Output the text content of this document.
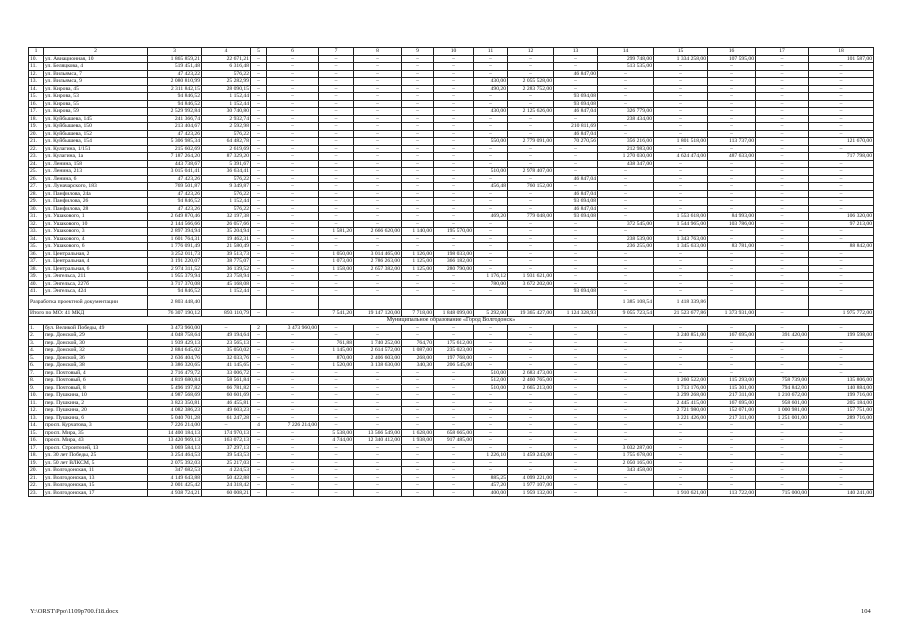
1	2	3	4	5	6	7	8	9	10	11	12	13	14	15	16	17	18
10.	ул. Авиационная, 10	1 865 859,21	22 671,21	–	–	–	–	–	–	–	–	–	299 748,00	1 334 258,00	107 595,00	–	101 587,00
11.	ул. Беляцкова, 4	519 451,48	6 316,48	–	–	–	–	–	–	–	–	–	513 535,00	–	–	–	–
12.	ул. Вильямса, 7	47 423,22	576,22	–	–	–	–	–	–	–	–	46 847,00	–	–	–	–	–
13.	ул. Вильямса, 9	2 080 810,99	25 282,99	–	–	–	–	–	–	430,00	2 055 528,00	–	–	–	–	–	–
14.	ул. Кирова, 45	2 311 842,15	28 090,15	–	–	–	–	–	–	490,20	2 283 752,00	–	–	–	–	–	–
15.	ул. Кирова, 53	94 846,52	1 152,44	–	–	–	–	–	–	–	–	93 694,08	–	–	–	–	–
16.	ул. Кирова, 55	94 846,52	1 152,44	–	–	–	–	–	–	–	–	93 694,08	–	–	–	–	–
17.	ул. Кирова, 59	2 529 992,84	30 740,80	–	–	–	–	–	–	430,00	2 125 626,00	46 847,04	326 779,00	–	–	–	–
18.	ул. Куйбышева, 145	241 366,74	2 932,74	–	–	–	–	–	–	–	–	–	238 434,00	–	–	–	–
19.	ул. Куйбышева, 150	213 404,67	2 592,98	–	–	–	–	–	–	–	–	210 811,69	–	–	–	–	–
20.	ул. Куйбышева, 152	47 423,26	576,22	–	–	–	–	–	–	–	–	46 847,04	–	–	–	–	–
21.	ул. Куйбышева, 154	5 306 985,34	64 482,78	–	–	–	–	–	–	550,00	2 779 091,00	70 270,56	356 216,00	1 801 518,00	113 737,00	–	121 670,00
22.	ул. Кулагина, 1/151	215 602,69	2 619,69	–	–	–	–	–	–	–	–	–	212 983,00	–	–	–	–
23.	ул. Кулагина, 1а	7 187 264,20	87 329,20	–	–	–	–	–	–	–	–	–	1 270 030,00	4 624 474,00	487 633,00	–	717 798,00
24.	ул. Ленина, 158	443 738,67	5 391,67	–	–	–	–	–	–	–	–	–	438 347,00	–	–	–	–
25.	ул. Ленина, 213	3 015 041,41	36 634,41	–	–	–	–	–	–	510,00	2 978 407,00	–	–	–	–	–	–
26.	ул. Ленина, 6	47 423,26	576,22	–	–	–	–	–	–	–	–	46 847,04	–	–	–	–	–
27.	ул. Луначарского, 183	769 501,87	9 349,87	–	–	–	–	–	–	456,48	760 152,00	–	–	–	–	–	–
28.	ул. Панфилова, 24а	47 423,26	576,22	–	–	–	–	–	–	–	–	46 847,04	–	–	–	–	–
29.	ул. Панфилова, 26	94 846,52	1 152,44	–	–	–	–	–	–	–	–	93 694,08	–	–	–	–	–
30.	ул. Панфилова, 28	47 423,26	576,22	–	–	–	–	–	–	–	–	46 847,04	–	–	–	–	–
31.	ул. Ушакового, 1	2 649 870,46	32 197,38	–	–	–	–	–	–	469,20	779 048,00	93 694,08	–	1 553 618,00	84 993,00	–	106 320,00
32.	ул. Ушакового, 10	2 144 566,66	26 057,66	–	–	–	–	–	–	–	–	–	372 545,00	1 544 965,00	103 786,00	–	97 213,00
33.	ул. Ушакового, 3	2 897 394,94	35 204,94	–	–	1 581,20	2 666 620,00	1 140,00	195 570,00	–	–	–	–	–	–	–	–
34.	ул. Ушакового, 4	1 601 764,31	19 462,31	–	–	–	–	–	–	–	–	–	238 539,00	1 343 763,00	–	–	–
35.	ул. Ушакового, 6	1 776 091,49	21 580,49	–	–	–	–	–	–	–	–	–	236 255,00	1 345 633,00	83 781,00	–	88 842,00
36.	ул. Центральная, 2	3 252 011,73	39 513,73	–	–	1 050,00	3 014 465,00	1 126,00	198 033,00	–	–	–	–	–	–	–	–
37.	ул. Центральная, 4	3 191 220,07	38 775,07	–	–	1 073,00	2 786 263,00	1 125,00	366 182,00	–	–	–	–	–	–	–	–
38.	ул. Центральная, 6	2 974 311,52	36 139,52	–	–	1 158,00	2 657 382,00	1 125,00	280 790,00	–	–	–	–	–	–	–	–
39.	ул. Энгельса, 211	1 955 379,94	23 758,94	–	–	–	–	–	–	1 176,12	1 931 621,00	–	–	–	–	–	–
40.	ул. Энгельса, 227б	3 717 370,08	45 168,08	–	–	–	–	–	–	780,00	3 672 202,00	–	–	–	–	–	–
41.	ул. Энгельса, 424	94 846,52	1 152,44	–	–	–	–	–	–	–	–	93 694,08	–	–	–	–	–
Разработка проектной документации		2 803 448,40											1 385 108,54	1 418 339,86			
Итого по МО: 41 МКД		76 307 190,12	893 110,79	–	–	7 541,20	19 147 120,00	7 718,00	1 848 099,00	5 292,00	19 365 427,00	1 124 328,93	9 055 723,54	21 523 677,86	1 373 931,00	–	1 975 772,00
Муниципальное образование «Город Волгодонск»																	
1.	бул. Великой Победы, 49	3 473 960,00	–	2	3 473 960,00	–	–	–	–	–	–	–	–	–	–	–	–
2.	пер. Донской, 29	4 048 758,64	49 194,64	–	–	–	–	–	–	–	–	–	–	3 240 851,00	167 695,00	391 420,00	199 598,00
3.	пер. Донской, 30	1 939 429,13	23 565,13	–	–	761,88	1 740 252,00	764,70	175 612,00	–	–	–	–	–	–	–	–
4.	пер. Донской, 32	2 884 645,02	35 050,02	–	–	1 145,00	2 614 572,00	1 087,00	235 023,00	–	–	–	–	–	–	–	–
5.	пер. Донской, 36	2 636 404,76	32 033,76	–	–	870,00	2 406 603,00	268,00	197 768,00	–	–	–	–	–	–	–	–
6.	пер. Донской, 38	3 386 320,65	41 145,65	–	–	1 520,00	3 138 630,00	340,30	206 545,00	–	–	–	–	–	–	–	–
7.	пер. Почтовый, 4	2 716 479,72	33 006,72	–	–	–	–	–	–	510,00	2 683 473,00	–	–	–	–	–	–
8.	пер. Почтовый, 6	4 819 680,84	58 561,84	–	–	–	–	–	–	512,00	2 460 765,00	–	–	1 260 522,00	115 293,00	758 739,00	135 806,00
9.	пер. Почтовый, 8	5 496 197,82	66 781,82	–	–	–	–	–	–	510,00	2 665 213,00	–	–	1 713 176,00	115 301,00	794 842,00	140 884,00
10.	пер. Пушкина, 10	4 987 568,69	60 601,69	–	–	–	–	–	–	–	–	–	–	3 299 268,00	217 311,00	1 210 672,00	199 716,00
11.	пер. Пушкина, 2	3 823 350,81	46 455,81	–	–	–	–	–	–	–	–	–	–	2 445 415,00	167 695,00	958 601,00	205 184,00
12.	пер. Пушкина, 20	4 082 386,23	49 603,23	–	–	–	–	–	–	–	–	–	–	2 721 980,00	152 071,00	1 000 981,00	157 751,00
13.	пер. Пушкина, 6	5 040 701,28	61 247,28	–	–	–	–	–	–	–	–	–	–	3 221 426,00	217 311,00	1 251 001,00	289 716,00
14.	просп. Курчатова, 3	7 226 214,00	–	4	7 226 214,00	–	–	–	–	–	–	–	–	–	–	–	–
15.	просп. Мира, 35	14 400 184,13	174 970,13	–	–	5 538,00	13 566 549,00	1 628,00	658 665,00	–	–	–	–	–	–	–	–
16.	просп. Мира, 43	13 420 969,13	163 072,13	–	–	4 744,00	12 340 412,00	1 938,00	917 485,00	–	–	–	–	–	–	–	–
17.	просп. Строителей, 13	3 069 584,13	37 297,13	–	–	–	–	–	–	–	–	–	3 032 287,00	–	–	–	–
18.	ул. 30 лет Победы, 25	3 254 464,53	39 543,53	–	–	–	–	–	–	1 226,10	1 459 243,00	–	1 755 678,00	–	–	–	–
19.	ул. 50 лет ВЛКСМ, 5	2 075 392,03	25 217,03	–	–	–	–	–	–	–	–	–	2 050 165,00	–	–	–	–
20.	ул. Волгодонская, 11	347 682,53	4 224,53	–	–	–	–	–	–	–	–	–	343 458,00	–	–	–	–
21.	ул. Волгодонская, 13	4 149 643,88	50 422,88	–	–	–	–	–	–	885,25	4 099 221,00	–	–	–	–	–	–
22.	ул. Волгодонская, 15	2 001 425,42	24 318,42	–	–	–	–	–	–	457,20	1 977 107,00	–	–	–	–	–	–
23.	ул. Волгодонская, 17	4 938 724,21	60 008,21	–	–	–	–	–	–	400,00	1 959 132,00	–	–	1 910 621,00	113 722,00	715 000,00	140 241,00
Y:\ORST\Ppo\1109p700.f18.docx	104
